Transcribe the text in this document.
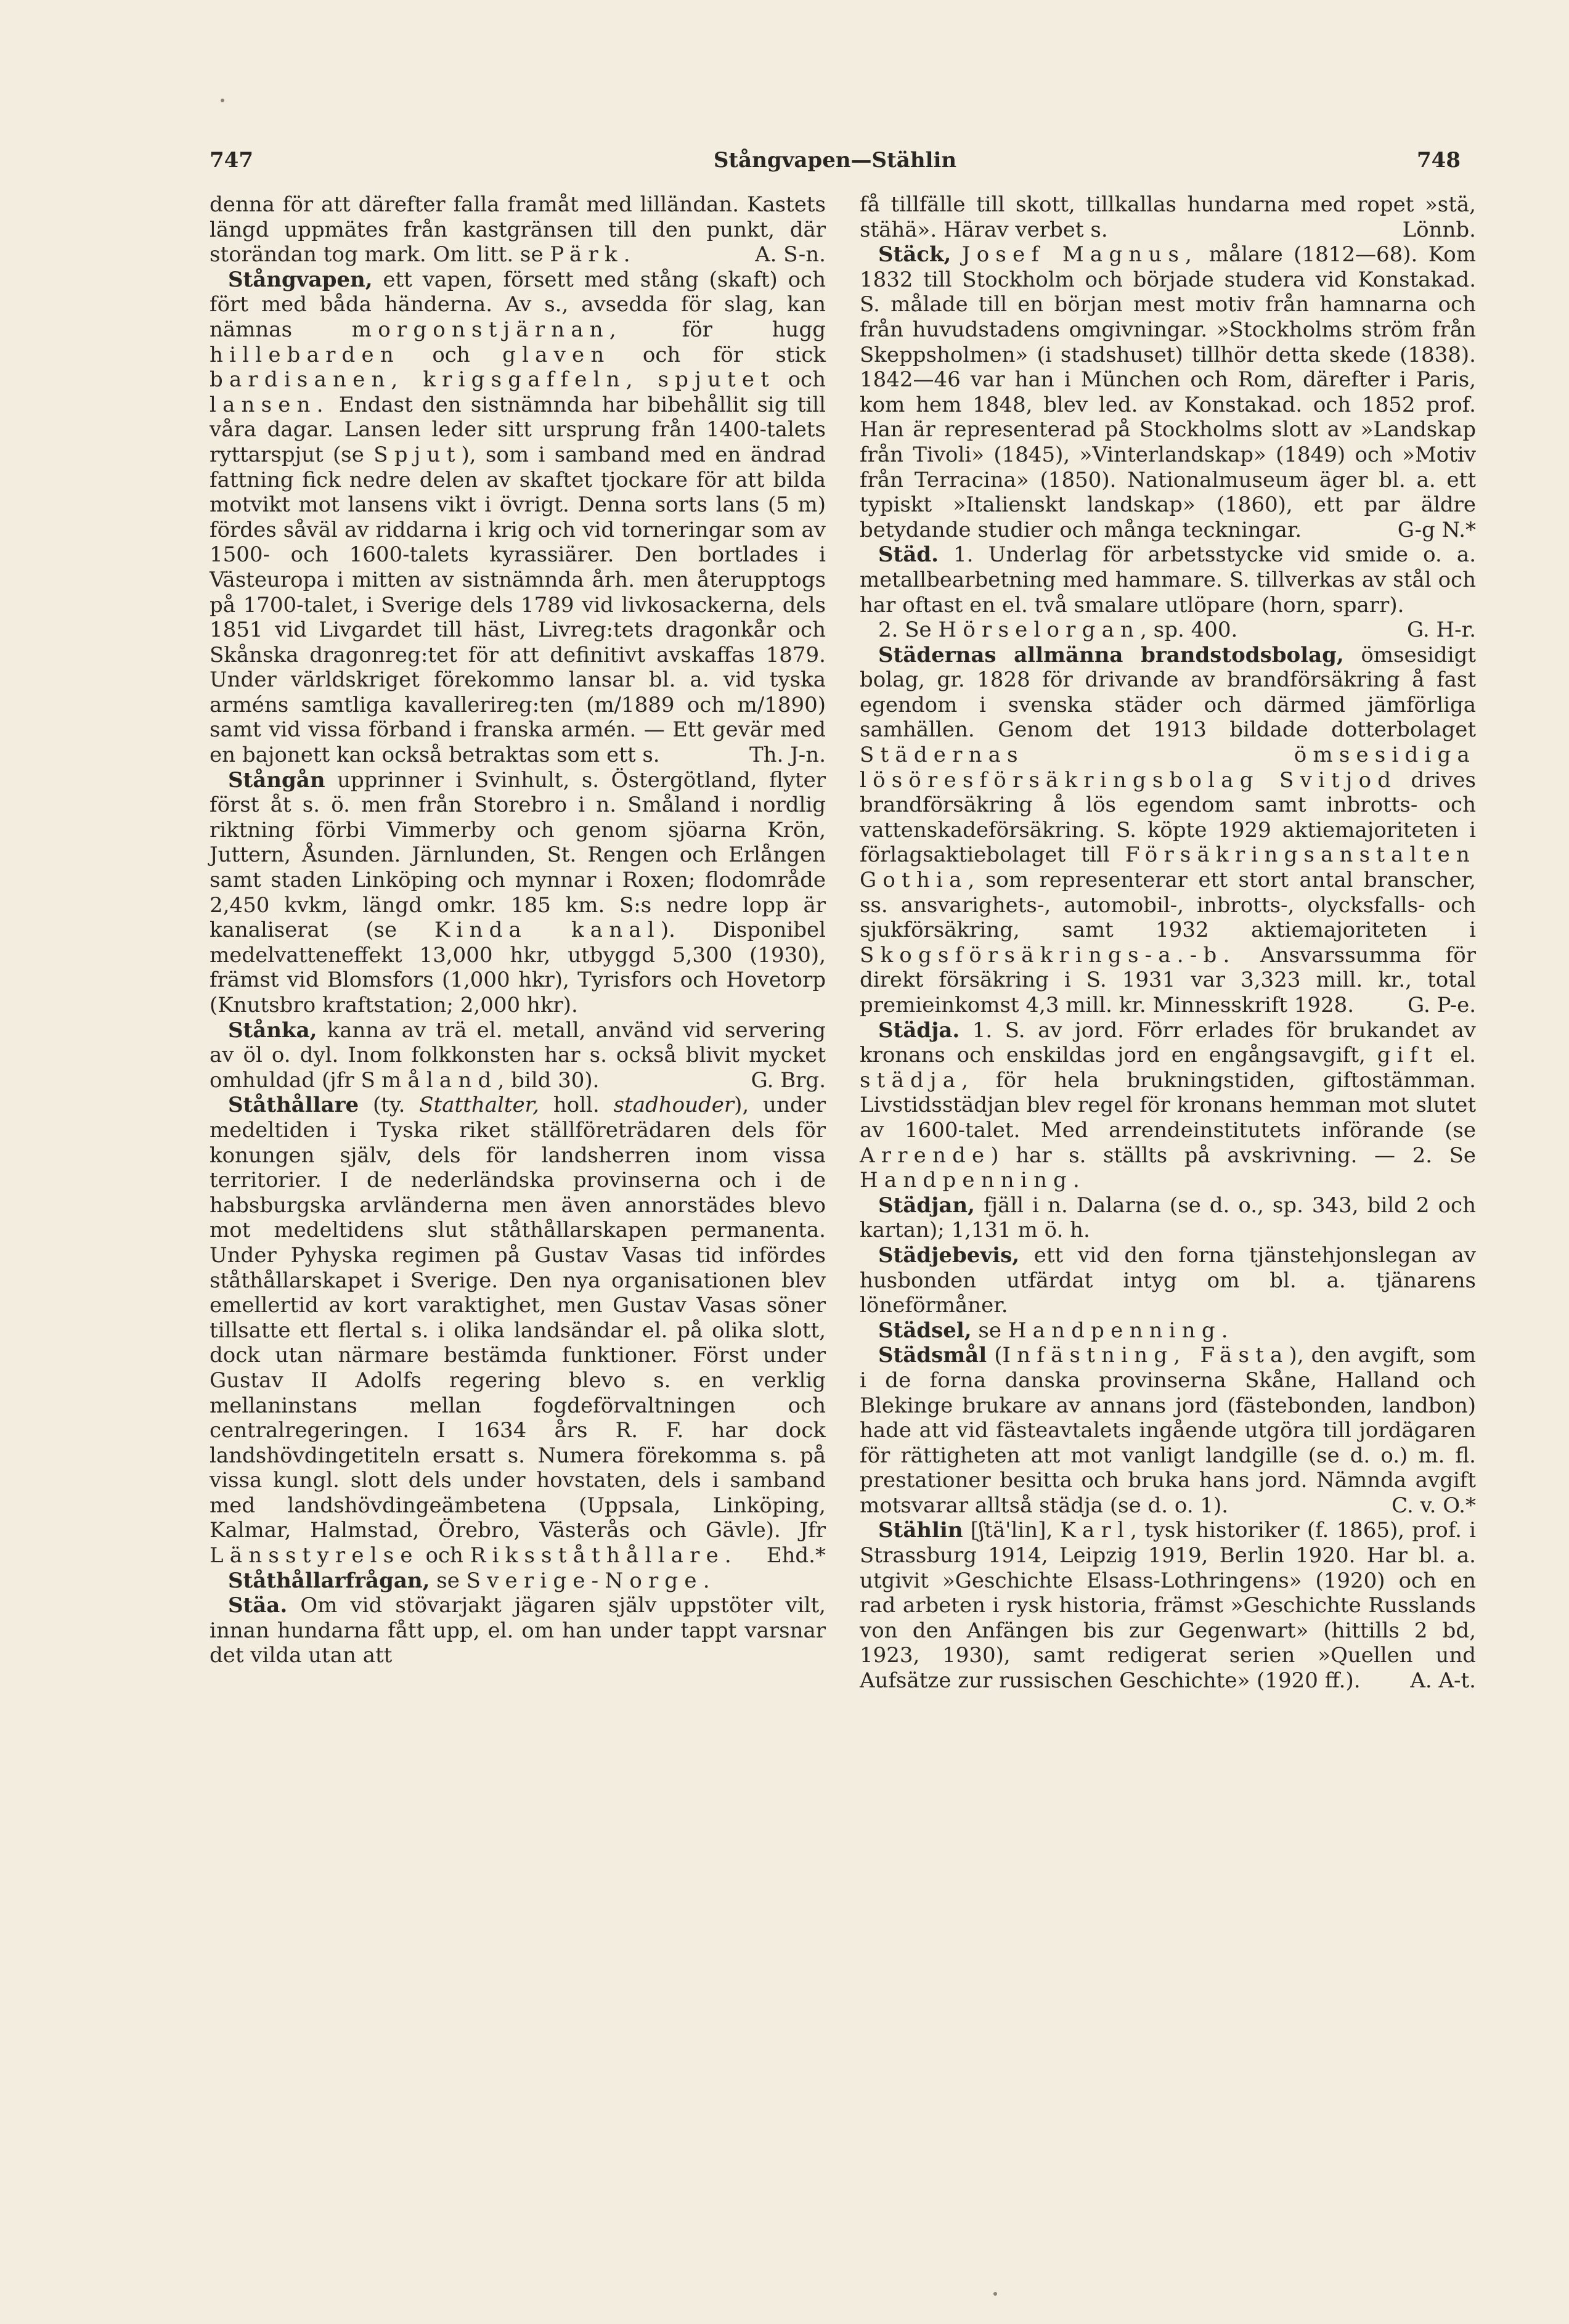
747	Stångvapen—Stählin	748

denna för att därefter falla framåt med lilländan. Kastets längd uppmätes från kastgränsen till den punkt, där storändan tog mark. Om litt. se Pärk.	A. S-n.

Stångvapen, ett vapen, försett med stång (skaft) och fört med båda händerna. Av s., avsedda för slag, kan nämnas morgonstjärnan, för hugg hillebarden och glaven och för stick bardisanen, krigsgaffeln, spjutet och lansen. Endast den sistnämnda har bibehållit sig till våra dagar. Lansen leder sitt ursprung från 1400-talets ryttarspjut (se Spjut), som i samband med en ändrad fattning fick nedre delen av skaftet tjockare för att bilda motvikt mot lansens vikt i övrigt. Denna sorts lans (5 m) fördes såväl av riddarna i krig och vid torneringar som av 1500- och 1600-talets kyrassiärer. Den bortlades i Västeuropa i mitten av sistnämnda årh. men återupptogs på 1700-talet, i Sverige dels 1789 vid livkosackerna, dels 1851 vid Livgardet till häst, Livreg:tets dragonkår och Skånska dragonreg:tet för att definitivt avskaffas 1879. Under världskriget förekommo lansar bl. a. vid tyska arméns samtliga kavallerireg:ten (m/1889 och m/1890) samt vid vissa förband i franska armén. — Ett gevär med en bajonett kan också betraktas som ett s.	Th. J-n.

Stångån upprinner i Svinhult, s. Östergötland, flyter först åt s. ö. men från Storebro i n. Småland i nordlig riktning förbi Vimmerby och genom sjöarna Krön, Juttern, Åsunden. Järnlunden, St. Rengen och Erlången samt staden Linköping och mynnar i Roxen; flodområde 2,450 kvkm, längd omkr. 185 km. S:s nedre lopp är kanaliserat (se Kinda kanal). Disponibel medelvatteneffekt 13,000 hkr, utbyggd 5,300 (1930), främst vid Blomsfors (1,000 hkr), Tyrisfors och Hovetorp (Knutsbro kraftstation; 2,000 hkr).

Stånka, kanna av trä el. metall, använd vid servering av öl o. dyl. Inom folkkonsten har s. också blivit mycket omhuldad (jfr Småland, bild 30).	G. Brg.

Ståthållare (ty. Statthalter, holl. stadhouder), under medeltiden i Tyska riket ställföreträdaren dels för konungen själv, dels för landsherren inom vissa territorier. I de nederländska provinserna och i de habsburgska arvländerna men även annorstädes blevo mot medeltidens slut ståthållarskapen permanenta. Under Pyhyska regimen på Gustav Vasas tid infördes ståthållarskapet i Sverige. Den nya organisationen blev emellertid av kort varaktighet, men Gustav Vasas söner tillsatte ett flertal s. i olika landsändar el. på olika slott, dock utan närmare bestämda funktioner. Först under Gustav II Adolfs regering blevo s. en verklig mellaninstans mellan fogdeförvaltningen och centralregeringen. I 1634 års R. F. har dock landshövdingetiteln ersatt s. Numera förekomma s. på vissa kungl. slott dels under hovstaten, dels i samband med landshövdingeämbetena (Uppsala, Linköping, Kalmar, Halmstad, Örebro, Västerås och Gävle). Jfr Länsstyrelse och Riksståthållare.	Ehd.*

Ståthållarfrågan, se Sverige-Norge.

Stäa. Om vid stövarjakt jägaren själv uppstöter vilt, innan hundarna fått upp, el. om han under tappt varsnar det vilda utan att

få tillfälle till skott, tillkallas hundarna med ropet »stä, stähä». Härav verbet s.	Lönnb.

Stäck, Josef Magnus, målare (1812—68). Kom 1832 till Stockholm och började studera vid Konstakad. S. målade till en början mest motiv från hamnarna och från huvudstadens omgivningar. »Stockholms ström från Skeppsholmen» (i stadshuset) tillhör detta skede (1838). 1842—46 var han i München och Rom, därefter i Paris, kom hem 1848, blev led. av Konstakad. och 1852 prof. Han är representerad på Stockholms slott av »Landskap från Tivoli» (1845), »Vinterlandskap» (1849) och »Motiv från Terracina» (1850). Nationalmuseum äger bl. a. ett typiskt »Italienskt landskap» (1860), ett par äldre betydande studier och många teckningar.	G-g N.*

Städ. 1. Underlag för arbetsstycke vid smide o. a. metallbearbetning med hammare. S. tillverkas av stål och har oftast en el. två smalare utlöpare (horn, sparr).
G. H-r.

2. Se Hörselorgan, sp. 400.

Städernas allmänna brandstodsbolag, ömsesidigt bolag, gr. 1828 för drivande av brandförsäkring å fast egendom i svenska städer och därmed jämförliga samhällen. Genom det 1913 bildade dotterbolaget Städernas ömsesidiga lösöresförsäkringsbolag Svitjod drives brandförsäkring å lös egendom samt inbrotts- och vattenskadeförsäkring. S. köpte 1929 aktiemajoriteten i förlagsaktiebolaget till Försäkringsanstalten Gothia, som representerar ett stort antal branscher, ss. ansvarighets-, automobil-, inbrotts-, olycksfalls- och sjukförsäkring, samt 1932 aktiemajoriteten i Skogsförsäkrings-a.-b. Ansvarssumma för direkt försäkring i S. 1931 var 3,323 mill. kr., total premieinkomst 4,3 mill. kr. Minnesskrift 1928.	G. P-e.

Städja. 1. S. av jord. Förr erlades för brukandet av kronans och enskildas jord en engångsavgift, gift el. städja, för hela brukningstiden, giftostämman. Livstidsstädjan blev regel för kronans hemman mot slutet av 1600-talet. Med arrendeinstitutets införande (se Arrende) har s. ställts på avskrivning. — 2. Se Handpenning.

Städjan, fjäll i n. Dalarna (se d. o., sp. 343, bild 2 och kartan); 1,131 m ö. h.

Städjebevis, ett vid den forna tjänstehjonslegan av husbonden utfärdat intyg om bl. a. tjänarens löneförmåner.

Städsel, se Handpenning.

Städsmål (Infästning, Fästa), den avgift, som i de forna danska provinserna Skåne, Halland och Blekinge brukare av annans jord (fästebonden, landbon) hade att vid fästeavtalets ingående utgöra till jordägaren för rättigheten att mot vanligt landgille (se d. o.) m. fl. prestationer besitta och bruka hans jord. Nämnda avgift motsvarar alltså städja (se d. o. 1).	C. v. O.*

Stählin [ʃtä'lin], Karl, tysk historiker (f. 1865), prof. i Strassburg 1914, Leipzig 1919, Berlin 1920. Har bl. a. utgivit »Geschichte Elsass-Lothringens» (1920) och en rad arbeten i rysk historia, främst »Geschichte Russlands von den Anfängen bis zur Gegenwart» (hittills 2 bd, 1923, 1930), samt redigerat serien »Quellen und Aufsätze zur russischen Geschichte» (1920 ff.).	A. A-t.
